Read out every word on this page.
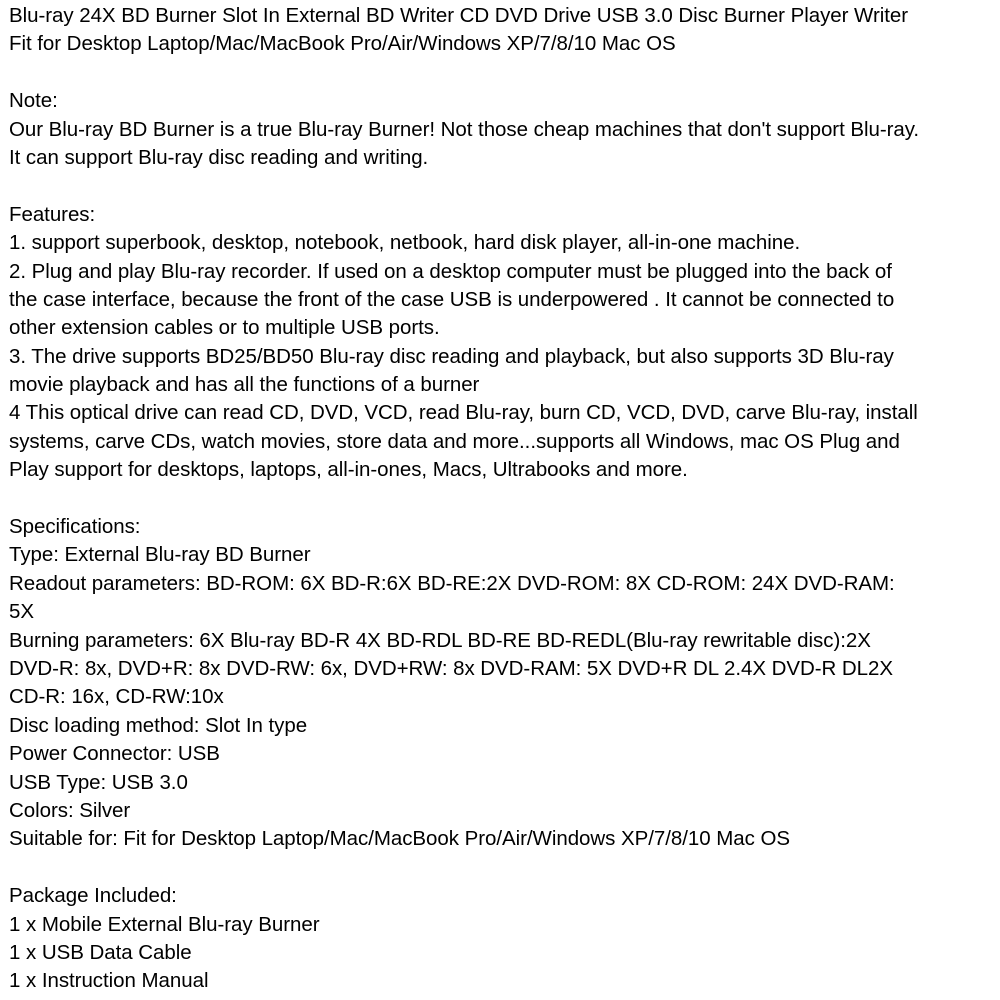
Blu-ray 24X BD Burner Slot In External BD Writer CD DVD Drive USB 3.0 Disc Burner Player Writer
Fit for Desktop Laptop/Mac/MacBook Pro/Air/Windows XP/7/8/10 Mac OS
Note:
Our Blu-ray BD Burner is a true Blu-ray Burner! Not those cheap machines that don't support Blu-ray.
It can support Blu-ray disc reading and writing.
Features:
1. support superbook, desktop, notebook, netbook, hard disk player, all-in-one machine.
2. Plug and play Blu-ray recorder. If used on a desktop computer must be plugged into the back of
the case interface, because the front of the case USB is underpowered . It cannot be connected to
other extension cables or to multiple USB ports.
3. The drive supports BD25/BD50 Blu-ray disc reading and playback, but also supports 3D Blu-ray
movie playback and has all the functions of a burner
4 This optical drive can read CD, DVD, VCD, read Blu-ray, burn CD, VCD, DVD, carve Blu-ray, install
systems, carve CDs, watch movies, store data and more...supports all Windows, mac OS Plug and
Play support for desktops, laptops, all-in-ones, Macs, Ultrabooks and more.
Specifications:
Type: External Blu-ray BD Burner
Readout parameters: BD-ROM: 6X BD-R:6X BD-RE:2X DVD-ROM: 8X CD-ROM: 24X DVD-RAM:
5X
Burning parameters: 6X Blu-ray BD-R 4X BD-RDL BD-RE BD-REDL(Blu-ray rewritable disc):2X
DVD-R: 8x, DVD+R: 8x DVD-RW: 6x, DVD+RW: 8x DVD-RAM: 5X DVD+R DL 2.4X DVD-R DL2X
CD-R: 16x, CD-RW:10x
Disc loading method: Slot In type
Power Connector: USB
USB Type: USB 3.0
Colors: Silver
Suitable for: Fit for Desktop Laptop/Mac/MacBook Pro/Air/Windows XP/7/8/10 Mac OS
Package Included:
1 x Mobile External Blu-ray Burner
1 x USB Data Cable
1 x Instruction Manual
